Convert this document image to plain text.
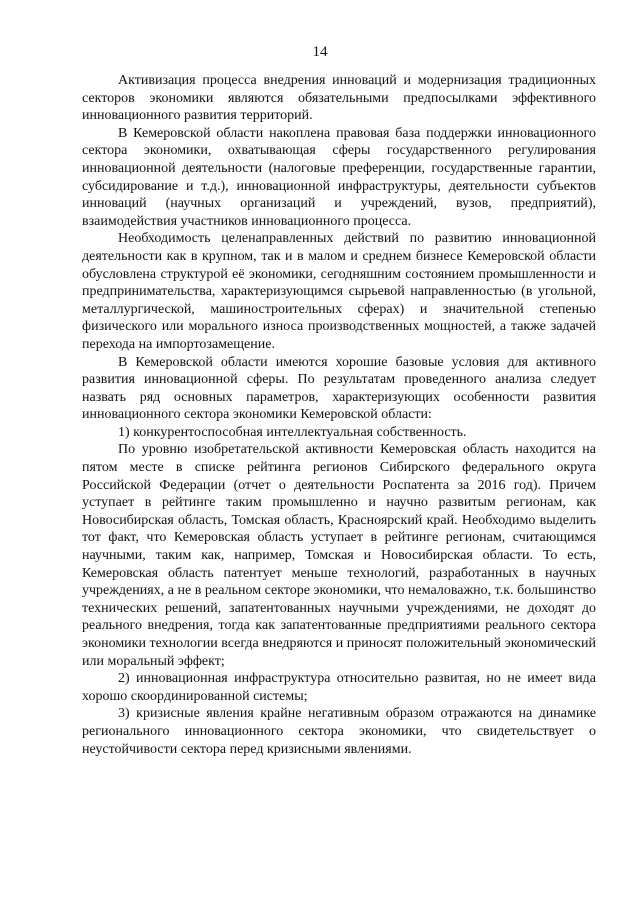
14

Активизация процесса внедрения инноваций и модернизация традиционных секторов экономики являются обязательными предпосылками эффективного инновационного развития территорий.

В Кемеровской области накоплена правовая база поддержки инновационного сектора экономики, охватывающая сферы государственного регулирования инновационной деятельности (налоговые преференции, государственные гарантии, субсидирование и т.д.), инновационной инфраструктуры, деятельности субъектов инноваций (научных организаций и учреждений, вузов, предприятий), взаимодействия участников инновационного процесса.

Необходимость целенаправленных действий по развитию инновационной деятельности как в крупном, так и в малом и среднем бизнесе Кемеровской области обусловлена структурой её экономики, сегодняшним состоянием промышленности и предпринимательства, характеризующимся сырьевой направленностью (в угольной, металлургической, машиностроительных сферах) и значительной степенью физического или морального износа производственных мощностей, а также задачей перехода на импортозамещение.

В Кемеровской области имеются хорошие базовые условия для активного развития инновационной сферы. По результатам проведенного анализа следует назвать ряд основных параметров, характеризующих особенности развития инновационного сектора экономики Кемеровской области:

1) конкурентоспособная интеллектуальная собственность.

По уровню изобретательской активности Кемеровская область находится на пятом месте в списке рейтинга регионов Сибирского федерального округа Российской Федерации (отчет о деятельности Роспатента за 2016 год). Причем уступает в рейтинге таким промышленно и научно развитым регионам, как Новосибирская область, Томская область, Красноярский край. Необходимо выделить тот факт, что Кемеровская область уступает в рейтинге регионам, считающимся научными, таким как, например, Томская и Новосибирская области. То есть, Кемеровская область патентует меньше технологий, разработанных в научных учреждениях, а не в реальном секторе экономики, что немаловажно, т.к. большинство технических решений, запатентованных научными учреждениями, не доходят до реального внедрения, тогда как запатентованные предприятиями реального сектора экономики технологии всегда внедряются и приносят положительный экономический или моральный эффект;

2) инновационная инфраструктура относительно развитая, но не имеет вида хорошо скоординированной системы;

3) кризисные явления крайне негативным образом отражаются на динамике регионального инновационного сектора экономики, что свидетельствует о неустойчивости сектора перед кризисными явлениями.
